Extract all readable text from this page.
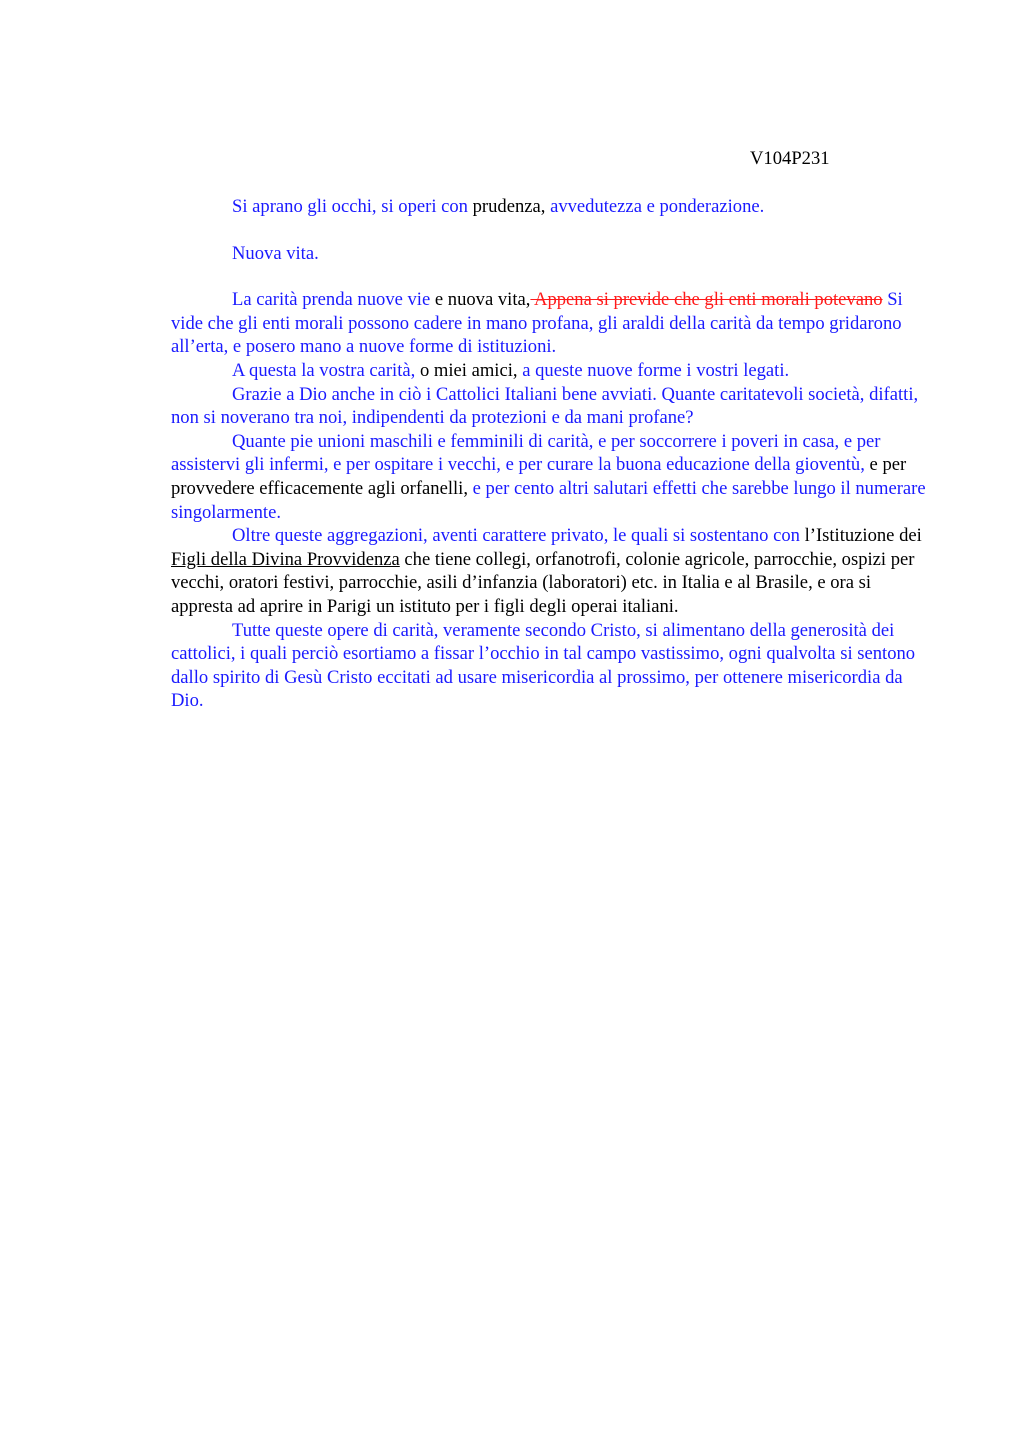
V104P231

Si aprano gli occhi, si operi con prudenza, avvedutezza e ponderazione.

Nuova vita.

La carità prenda nuove vie e nuova vita, Appena si previde che gli enti morali potevano Si vide che gli enti morali possono cadere in mano profana, gli araldi della carità da tempo gridarono all’erta, e posero mano a nuove forme di istituzioni.

A questa la vostra carità, o miei amici, a queste nuove forme i vostri legati.

Grazie a Dio anche in ciò i Cattolici Italiani bene avviati. Quante caritatevoli società, difatti, non si noverano tra noi, indipendenti da protezioni e da mani profane?

Quante pie unioni maschili e femminili di carità, e per soccorrere i poveri in casa, e per assistervi gli infermi, e per ospitare i vecchi, e per curare la buona educazione della gioventù, e per provvedere efficacemente agli orfanelli, e per cento altri salutari effetti che sarebbe lungo il numerare singolarmente.

Oltre queste aggregazioni, aventi carattere privato, le quali si sostentano con l’Istituzione dei Figli della Divina Provvidenza che tiene collegi, orfanotrofi, colonie agricole, parrocchie, ospizi per vecchi, oratori festivi, parrocchie, asili d’infanzia (laboratori) etc. in Italia e al Brasile, e ora si appresta ad aprire in Parigi un istituto per i figli degli operai italiani.

Tutte queste opere di carità, veramente secondo Cristo, si alimentano della generosità dei cattolici, i quali perciò esortiamo a fissar l’occhio in tal campo vastissimo, ogni qualvolta si sentono dallo spirito di Gesù Cristo eccitati ad usare misericordia al prossimo, per ottenere misericordia da Dio.
